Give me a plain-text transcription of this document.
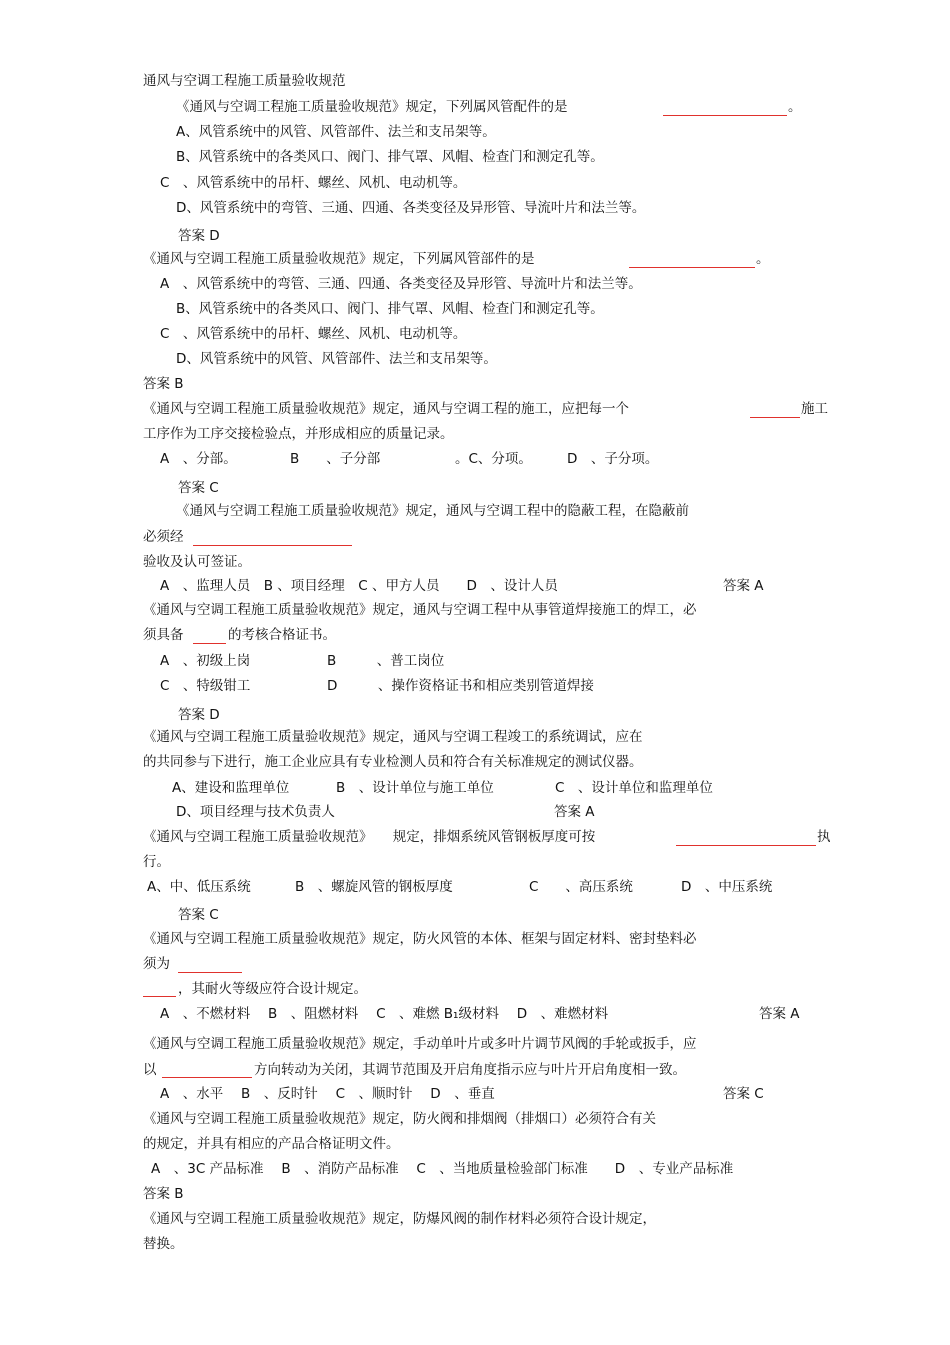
通风与空调工程施工质量验收规范
《通风与空调工程施工质量验收规范》规定，下列属风管配件的是	。
A、风管系统中的风管、风管部件、法兰和支吊架等。
B、风管系统中的各类风口、阀门、排气罩、风帽、检查门和测定孔等。
C　、风管系统中的吊杆、螺丝、风机、电动机等。
D、风管系统中的弯管、三通、四通、各类变径及异形管、导流叶片和法兰等。
答案 D
《通风与空调工程施工质量验收规范》规定，下列属风管部件的是	。
A　、风管系统中的弯管、三通、四通、各类变径及异形管、导流叶片和法兰等。
B、风管系统中的各类风口、阀门、排气罩、风帽、检查门和测定孔等。
C　、风管系统中的吊杆、螺丝、风机、电动机等。
D、风管系统中的风管、风管部件、法兰和支吊架等。
答案 B
《通风与空调工程施工质量验收规范》规定，通风与空调工程的施工，应把每一个	施工
工序作为工序交接检验点，并形成相应的质量记录。
A　、分部。	B　　、子分部	。C、分项。	D　、子分项。
答案 C
《通风与空调工程施工质量验收规范》规定，通风与空调工程中的隐蔽工程，在隐蔽前
必须经
验收及认可签证。
A　、监理人员　B 、项目经理　C 、甲方人员　　D　、设计人员	答案 A
《通风与空调工程施工质量验收规范》规定，通风与空调工程中从事管道焊接施工的焊工，必
须具备	的考核合格证书。
A　、初级上岗	B　　　、普工岗位
C　、特级钳工	D　　　、操作资格证书和相应类别管道焊接
答案 D
《通风与空调工程施工质量验收规范》规定，通风与空调工程竣工的系统调试，应在
的共同参与下进行，施工企业应具有专业检测人员和符合有关标准规定的测试仪器。
A、建设和监理单位	B　、设计单位与施工单位	C　、设计单位和监理单位
D、项目经理与技术负责人	答案 A
《通风与空调工程施工质量验收规范》　　规定，排烟系统风管钢板厚度可按	执
行。
A、中、低压系统	B　、螺旋风管的钢板厚度	C　　、高压系统	D　、中压系统
答案 C
《通风与空调工程施工质量验收规范》规定，防火风管的本体、框架与固定材料、密封垫料必
须为
，其耐火等级应符合设计规定。
A　、不燃材料　 B　、阻燃材料　 C　、难燃 B₁级材料　 D　、难燃材料	答案 A
《通风与空调工程施工质量验收规范》规定，手动单叶片或多叶片调节风阀的手轮或扳手，应
以	方向转动为关闭，其调节范围及开启角度指示应与叶片开启角度相一致。
A　、水平　 B　、反时针　 C　、顺时针　 D　、垂直	答案 C
《通风与空调工程施工质量验收规范》规定，防火阀和排烟阀（排烟口）必须符合有关
的规定，并具有相应的产品合格证明文件。
A　、3C 产品标准　 B　、消防产品标准　 C　、当地质量检验部门标准　　D　、专业产品标准
答案 B
《通风与空调工程施工质量验收规范》规定，防爆风阀的制作材料必须符合设计规定，
替换。
